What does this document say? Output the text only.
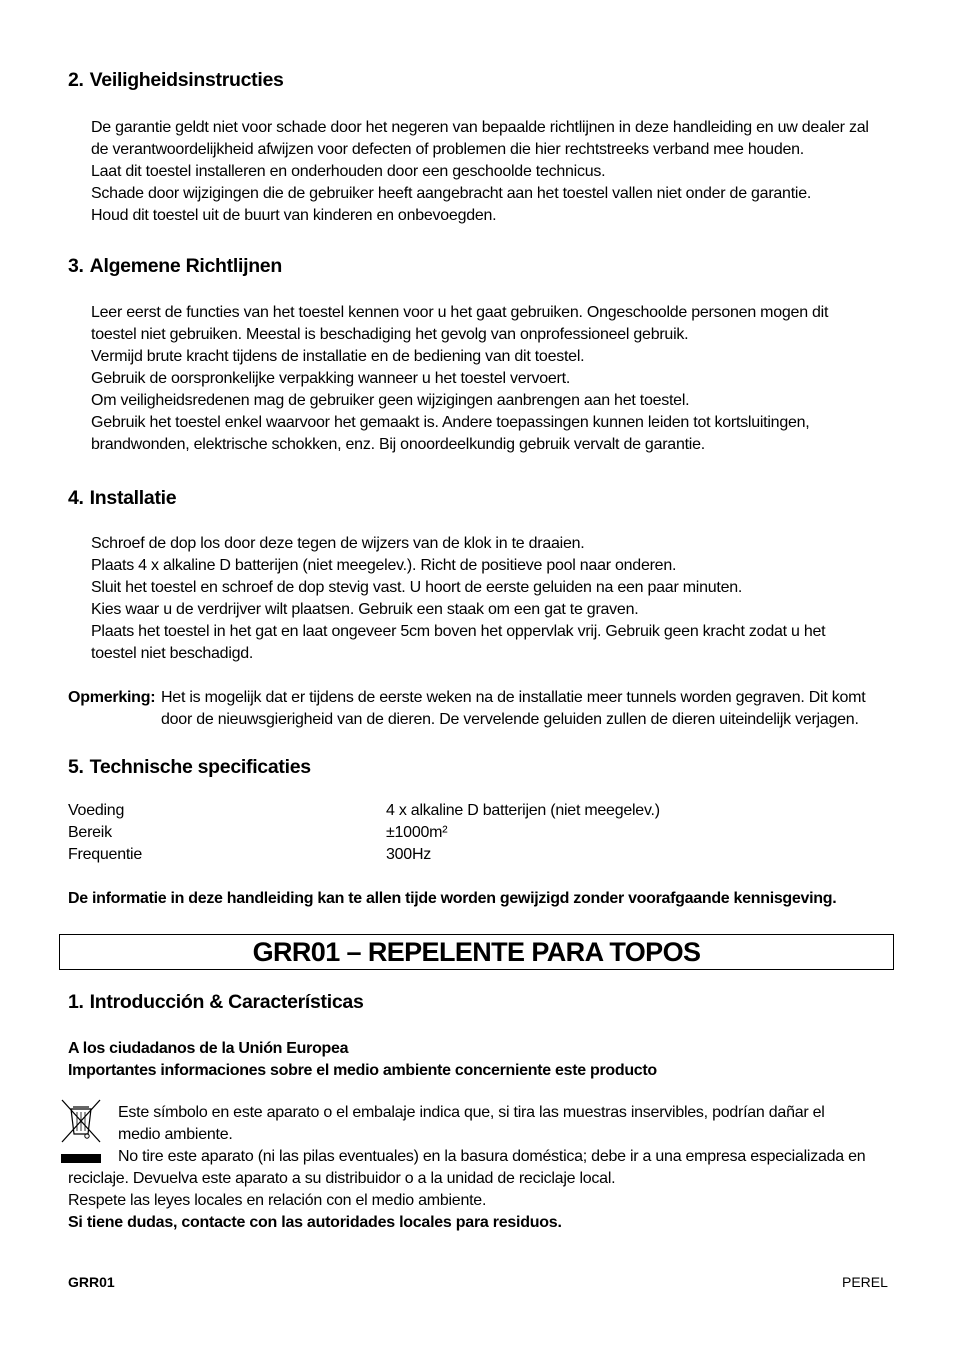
2. Veiligheidsinstructies
De garantie geldt niet voor schade door het negeren van bepaalde richtlijnen in deze handleiding en uw dealer zal
de verantwoordelijkheid afwijzen voor defecten of problemen die hier rechtstreeks verband mee houden.
Laat dit toestel installeren en onderhouden door een geschoolde technicus.
Schade door wijzigingen die de gebruiker heeft aangebracht aan het toestel vallen niet onder de garantie.
Houd dit toestel uit de buurt van kinderen en onbevoegden.
3. Algemene Richtlijnen
Leer eerst de functies van het toestel kennen voor u het gaat gebruiken. Ongeschoolde personen mogen dit
toestel niet gebruiken. Meestal is beschadiging het gevolg van onprofessioneel gebruik.
Vermijd brute kracht tijdens de installatie en de bediening van dit toestel.
Gebruik de oorspronkelijke verpakking wanneer u het toestel vervoert.
Om veiligheidsredenen mag de gebruiker geen wijzigingen aanbrengen aan het toestel.
Gebruik het toestel enkel waarvoor het gemaakt is. Andere toepassingen kunnen leiden tot kortsluitingen,
brandwonden, elektrische schokken, enz. Bij onoordeelkundig gebruik vervalt de garantie.
4. Installatie
Schroef de dop los door deze tegen de wijzers van de klok in te draaien.
Plaats 4 x alkaline D batterijen (niet meegelev.). Richt de positieve pool naar onderen.
Sluit het toestel en schroef de dop stevig vast. U hoort de eerste geluiden na een paar minuten.
Kies waar u de verdrijver wilt plaatsen. Gebruik een staak om een gat te graven.
Plaats het toestel in het gat en laat ongeveer 5cm boven het oppervlak vrij. Gebruik geen kracht zodat u het
toestel niet beschadigd.
Opmerking: Het is mogelijk dat er tijdens de eerste weken na de installatie meer tunnels worden gegraven. Dit komt
door de nieuwsgierigheid van de dieren. De vervelende geluiden zullen de dieren uiteindelijk verjagen.
5. Technische specificaties
Voeding	4 x alkaline D batterijen (niet meegelev.)
Bereik	±1000m²
Frequentie	300Hz
De informatie in deze handleiding kan te allen tijde worden gewijzigd zonder voorafgaande kennisgeving.
GRR01 – REPELENTE PARA TOPOS
1. Introducción & Características
A los ciudadanos de la Unión Europea
Importantes informaciones sobre el medio ambiente concerniente este producto
Este símbolo en este aparato o el embalaje indica que, si tira las muestras inservibles, podrían dañar el
medio ambiente.
No tire este aparato (ni las pilas eventuales) en la basura doméstica; debe ir a una empresa especializada en
reciclaje. Devuelva este aparato a su distribuidor o a la unidad de reciclaje local.
Respete las leyes locales en relación con el medio ambiente.
Si tiene dudas, contacte con las autoridades locales para residuos.
GRR01	PEREL
